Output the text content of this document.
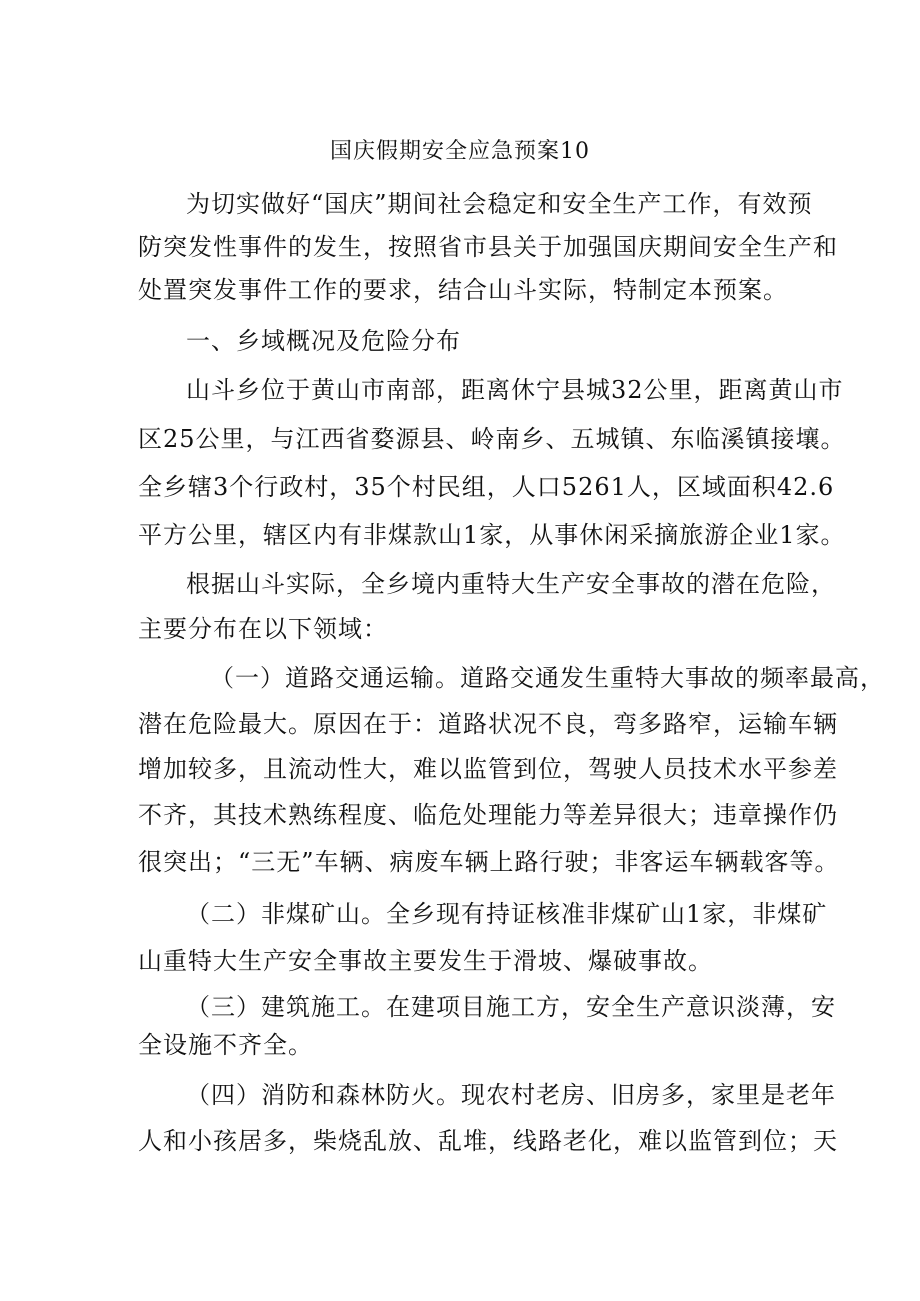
国庆假期安全应急预案10
为切实做好“国庆”期间社会稳定和安全生产工作，有效预
防突发性事件的发生，按照省市县关于加强国庆期间安全生产和
处置突发事件工作的要求，结合山斗实际，特制定本预案。
一、乡域概况及危险分布
山斗乡位于黄山市南部，距离休宁县城32公里，距离黄山市
区25公里，与江西省婺源县、岭南乡、五城镇、东临溪镇接壤。
全乡辖3个行政村，35个村民组，人口5261人，区域面积42.6
平方公里，辖区内有非煤款山1家，从事休闲采摘旅游企业1家。
根据山斗实际，全乡境内重特大生产安全事故的潜在危险，
主要分布在以下领域：
（一）道路交通运输。道路交通发生重特大事故的频率最高，
潜在危险最大。原因在于：道路状况不良，弯多路窄，运输车辆
增加较多，且流动性大，难以监管到位，驾驶人员技术水平参差
不齐，其技术熟练程度、临危处理能力等差异很大；违章操作仍
很突出；“三无”车辆、病废车辆上路行驶；非客运车辆载客等。
（二）非煤矿山。全乡现有持证核准非煤矿山1家，非煤矿
山重特大生产安全事故主要发生于滑坡、爆破事故。
（三）建筑施工。在建项目施工方，安全生产意识淡薄，安
全设施不齐全。
（四）消防和森林防火。现农村老房、旧房多，家里是老年
人和小孩居多，柴烧乱放、乱堆，线路老化，难以监管到位；天
